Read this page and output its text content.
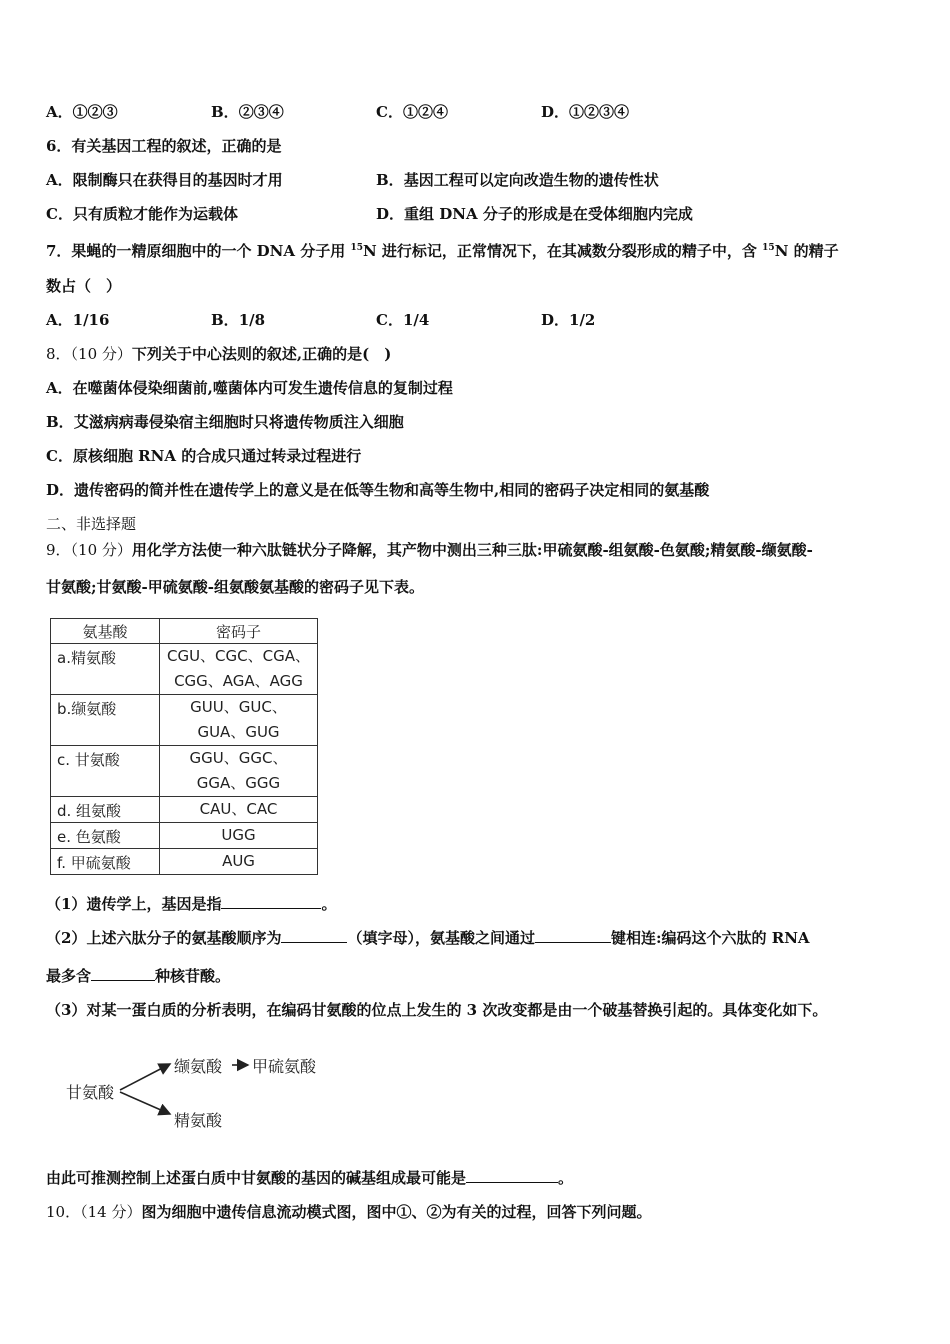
A．①②③	B．②③④	C．①②④	D．①②③④
6．有关基因工程的叙述，正确的是
A．限制酶只在获得目的基因时才用	B．基因工程可以定向改造生物的遗传性状
C．只有质粒才能作为运载体	D．重组 DNA 分子的形成是在受体细胞内完成
7．果蝇的一精原细胞中的一个 DNA 分子用 $^{15}$N 进行标记，正常情况下，在其减数分裂形成的精子中，含 $^{15}$N 的精子
数占（　）
A．1/16	B．1/8	C．1/4	D．1/2
8．（10 分）下列关于中心法则的叙述,正确的是(　)
A．在噬菌体侵染细菌前,噬菌体内可发生遗传信息的复制过程
B．艾滋病病毒侵染宿主细胞时只将遗传物质注入细胞
C．原核细胞 RNA 的合成只通过转录过程进行
D．遗传密码的简并性在遗传学上的意义是在低等生物和高等生物中,相同的密码子决定相同的氨基酸
二、非选择题
9．（10 分）用化学方法使一种六肽链状分子降解，其产物中测出三种三肽:甲硫氨酸-组氨酸-色氨酸;精氨酸-缬氨酸-
甘氨酸;甘氨酸-甲硫氨酸-组氨酸氨基酸的密码子见下表。
氨基酸	密码子
a.精氨酸	CGU、CGC、CGA、
CGG、AGA、AGG

b.缬氨酸	GUU、GUC、
GUA、GUG

c. 甘氨酸	GGU、GGC、
GGA、GGG

d. 组氨酸	CAU、CAC
e. 色氨酸	UGG
f. 甲硫氨酸	AUG
（1）遗传学上，基因是指	。
（2）上述六肽分子的氨基酸顺序为	（填字母），氨基酸之间通过	键相连:编码这个六肽的 RNA
最多含	种核苷酸。
（3）对某一蛋白质的分析表明，在编码甘氨酸的位点上发生的 3 次改变都是由一个破基替换引起的。具体变化如下。
甘氨酸
缬氨酸 甲硫氨酸
精氨酸
由此可推测控制上述蛋白质中甘氨酸的基因的碱基组成最可能是	。
10．（14 分）图为细胞中遗传信息流动模式图，图中①、②为有关的过程，回答下列问题。
